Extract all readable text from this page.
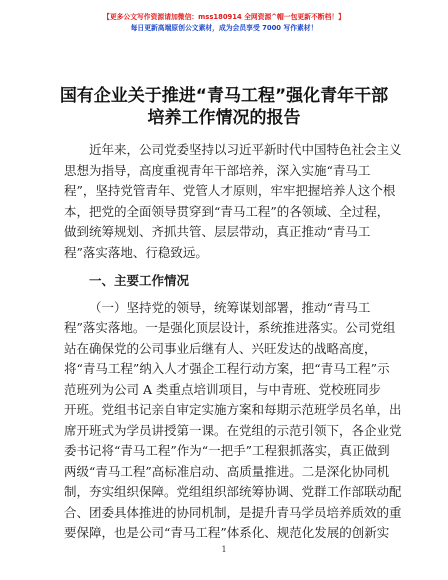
【更多公文写作资源请加微信：mss180914 全网资源^帽一包更新不断档！】
每日更新高端原创公文素材，成为会员享受 7000 写作素材！
国有企业关于推进“青马工程”强化青年干部
培养工作情况的报告
近年来，公司党委坚持以习近平新时代中国特色社会主义
思想为指导，高度重视青年干部培养，深入实施“青马工
程”，坚持党管青年、党管人才原则，牢牢把握培养人这个根
本，把党的全面领导贯穿到“青马工程”的各领域、全过程，
做到统筹规划、齐抓共管、层层带动，真正推动“青马工
程”落实落地、行稳致远。
一、主要工作情况
（一）坚持党的领导，统筹谋划部署，推动“青马工
程”落实落地。一是强化顶层设计，系统推进落实。公司党组
站在确保党的公司事业后继有人、兴旺发达的战略高度，
将“青马工程”纳入人才强企工程行动方案，把“青马工程”示
范班列为公司 A 类重点培训项目，与中青班、党校班同步
开班。党组书记亲自审定实施方案和每期示范班学员名单，出
席开班式为学员讲授第一课。在党组的示范引领下，各企业党
委书记将“青马工程”作为“一把手”工程狠抓落实，真正做到
两级“青马工程”高标准启动、高质量推进。二是深化协同机
制，夯实组织保障。党组组织部统筹协调、党群工作部联动配
合、团委具体推进的协同机制，是提升青马学员培养质效的重
要保障，也是公司“青马工程”体系化、规范化发展的创新实
1
